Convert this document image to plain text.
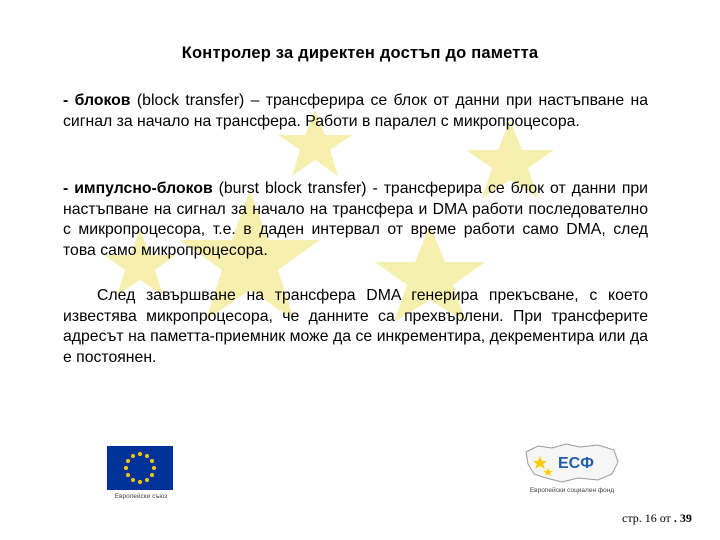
Контролер за директен достъп до паметта
- блоков (block transfer) – трансферира се блок от данни при настъпване на сигнал за начало на трансфера. Работи в паралел с микропроцесора.
- импулсно-блоков (burst block transfer) - трансферира се блок от данни при настъпване на сигнал за начало на трансфера и DMA работи последователно с микропроцесора, т.е. в даден интервал от време работи само DMA, след това само микропроцесора.
След завършване на трансфера DMA генерира прекъсване, с което известява микропроцесора, че данните са прехвърлени. При трансферите адресът на паметта-приемник може да се инкрементира, декрементира или да е постоянен.
Европейски съюз
ЕСФ
Европейски социален фонд
стр. 16 от . 39
